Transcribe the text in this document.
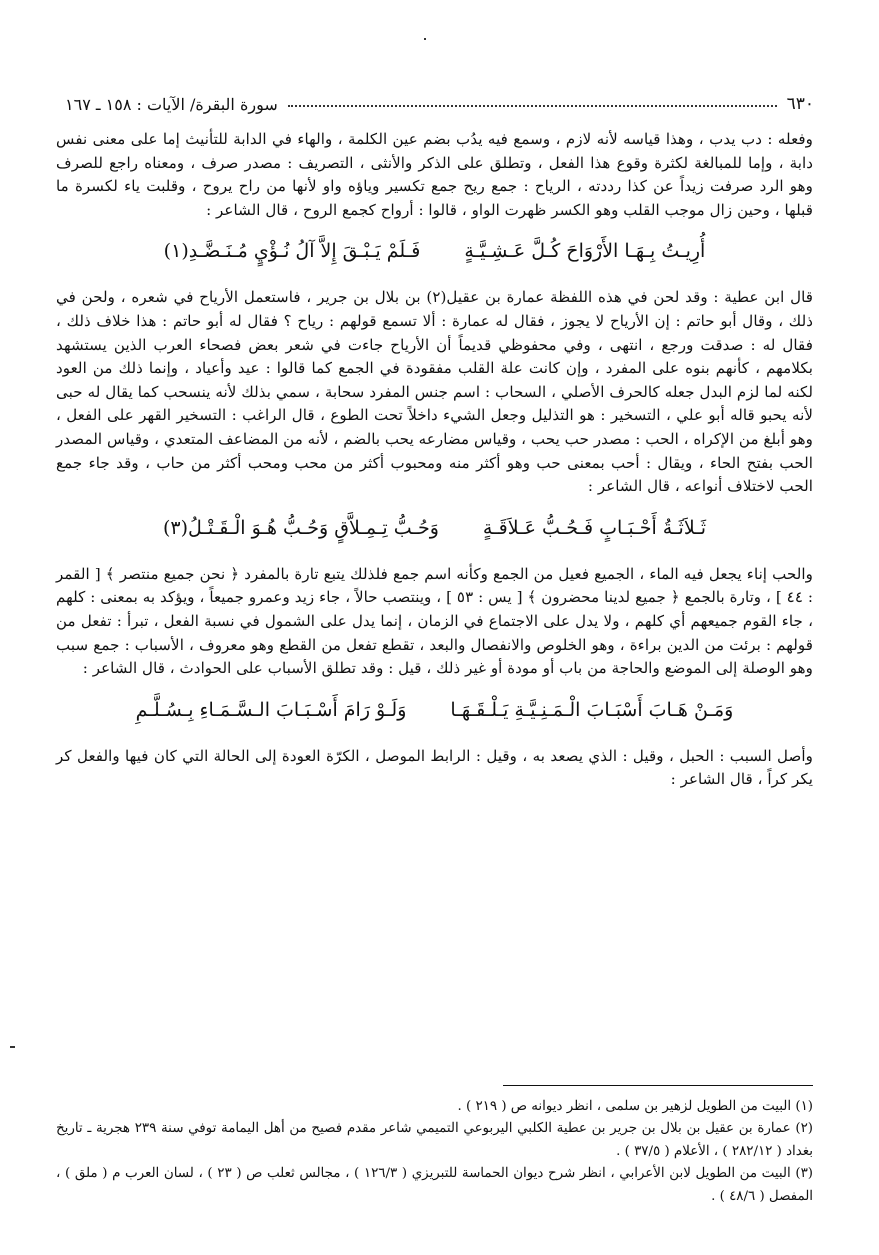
٦٣٠
سورة البقرة/ الآيات : ١٥٨ ـ ١٦٧

وفعله : دب يدب ، وهذا قياسه لأنه لازم ، وسمع فيه يدُب بضم عين الكلمة ، والهاء في الدابة للتأنيث إما على معنى نفس دابة ، وإما للمبالغة لكثرة وقوع هذا الفعل ، وتطلق على الذكر والأنثى ، التصريف : مصدر صرف ، ومعناه راجع للصرف وهو الرد صرفت زيداً عن كذا رددته ، الرياح : جمع ريح جمع تكسير وياؤه واو لأنها من راح يروح ، وقلبت ياء لكسرة ما قبلها ، وحين زال موجب القلب وهو الكسر ظهرت الواو ، قالوا : أرواح كجمع الروح ، قال الشاعر :

أُرِيـتُ بِـهَـا الأَرْوَاحَ كُـلَّ عَـشِـيَّـةٍ
فَـلَمْ يَـبْـقَ إِلاَّ آلُ نُـؤْيٍ مُـنَـضَّـدِ(١)

قال ابن عطية : وقد لحن في هذه اللفظة عمارة بن عقيل(٢) بن بلال بن جرير ، فاستعمل الأرياح في شعره ، ولحن في ذلك ، وقال أبو حاتم : إن الأرياح لا يجوز ، فقال له عمارة : ألا تسمع قولهم : رياح ؟ فقال له أبو حاتم : هذا خلاف ذلك ، فقال له : صدقت ورجع ، انتهى ، وفي محفوظي قديماً أن الأرياح جاءت في شعر بعض فصحاء العرب الذين يستشهد بكلامهم ، كأنهم بنوه على المفرد ، وإن كانت علة القلب مفقودة في الجمع كما قالوا : عيد وأعياد ، وإنما ذلك من العود لكنه لما لزم البدل جعله كالحرف الأصلي ، السحاب : اسم جنس المفرد سحابة ، سمي بذلك لأنه ينسحب كما يقال له حبى لأنه يحبو قاله أبو علي ، التسخير : هو التذليل وجعل الشيء داخلاً تحت الطوع ، قال الراغب : التسخير القهر على الفعل ، وهو أبلغ من الإكراه ، الحب : مصدر حب يحب ، وقياس مضارعه يحب بالضم ، لأنه من المضاعف المتعدي ، وقياس المصدر الحب بفتح الحاء ، ويقال : أحب بمعنى حب وهو أكثر منه ومحبوب أكثر من محب ومحب أكثر من حاب ، وقد جاء جمع الحب لاختلاف أنواعه ، قال الشاعر :

ثَـلاَثَـةُ أَحْـبَـابٍ فَـحُـبُّ عَـلاَقَـةٍ
وَحُـبُّ تِـمِـلاَّقٍ وَحُـبُّ هُـوَ الْـقَـتْـلُ(٣)

والحب إناء يجعل فيه الماء ، الجميع فعيل من الجمع وكأنه اسم جمع فلذلك يتبع تارة بالمفرد ﴿ نحن جميع منتصر ﴾ [ القمر : ٤٤ ] ، وتارة بالجمع ﴿ جميع لدينا محضرون ﴾ [ يس : ٥٣ ] ، وينتصب حالاً ، جاء زيد وعمرو جميعاً ، ويؤكد به بمعنى : كلهم ، جاء القوم جميعهم أي كلهم ، ولا يدل على الاجتماع في الزمان ، إنما يدل على الشمول في نسبة الفعل ، تبرأ : تفعل من قولهم : برئت من الدين براءة ، وهو الخلوص والانفصال والبعد ، تقطع تفعل من القطع وهو معروف ، الأسباب : جمع سبب وهو الوصلة إلى الموضع والحاجة من باب أو مودة أو غير ذلك ، قيل : وقد تطلق الأسباب على الحوادث ، قال الشاعر :

وَمَـنْ هَـابَ أَسْبَـابَ الْـمَـنِـيَّـةِ يَـلْـقَـهَـا
وَلَـوْ رَامَ أَسْـبَـابَ الـسَّـمَـاءِ بِـسُـلَّـمِ

وأصل السبب : الحبل ، وقيل : الذي يصعد به ، وقيل : الرابط الموصل ، الكرّة العودة إلى الحالة التي كان فيها والفعل كر يكر كراً ، قال الشاعر :

(١) البيت من الطويل لزهير بن سلمى ، انظر ديوانه ص ( ٢١٩ ) .

(٢) عمارة بن عقيل بن بلال بن جرير بن عطية الكلبي اليربوعي التميمي شاعر مقدم فصيح من أهل اليمامة توفي سنة ٢٣٩ هجرية ـ تاريخ بغداد ( ٢٨٢/١٢ ) ، الأعلام ( ٣٧/٥ ) .

(٣) البيت من الطويل لابن الأعرابي ، انظر شرح ديوان الحماسة للتبريزي ( ١٢٦/٣ ) ، مجالس ثعلب ص ( ٢٣ ) ، لسان العرب م ( ملق ) ، المفصل ( ٤٨/٦ ) .
